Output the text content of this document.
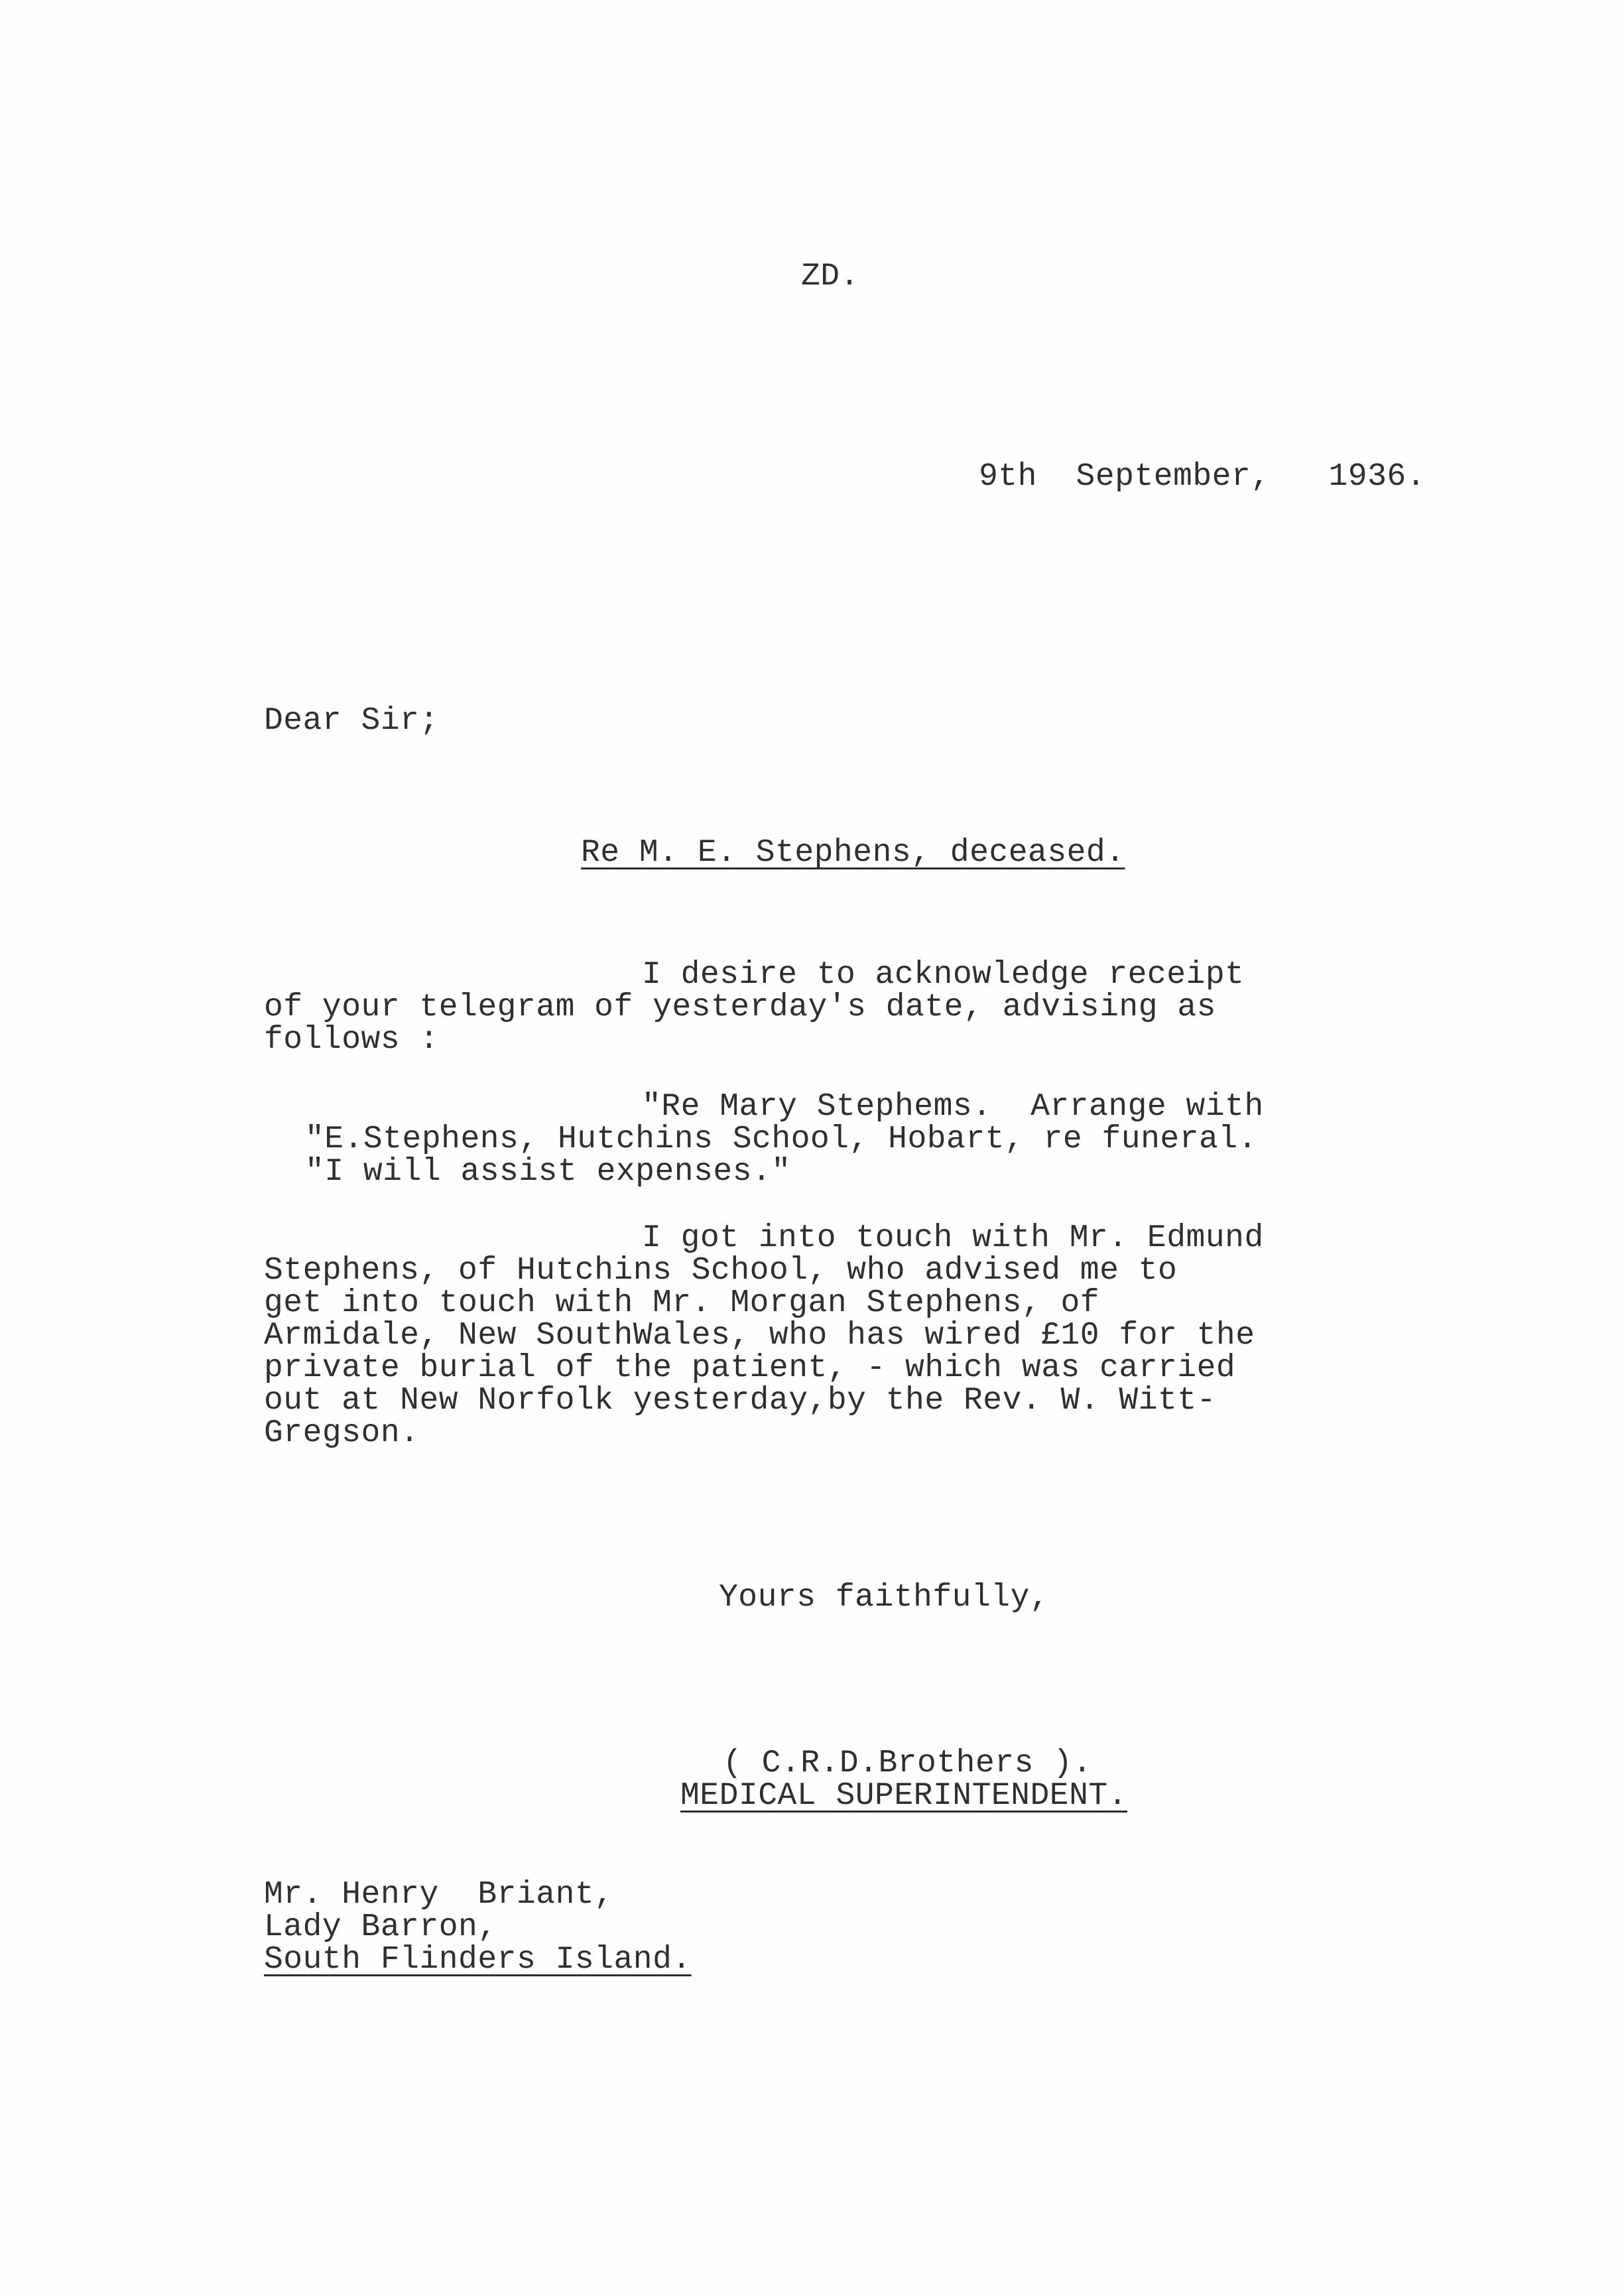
ZD.
9th  September,   1936.
Dear Sir;
Re M. E. Stephens, deceased.
I desire to acknowledge receipt
of your telegram of yesterday's date, advising as
follows :
"Re Mary Stephems.  Arrange with
"E.Stephens, Hutchins School, Hobart, re funeral.
"I will assist expenses."
I got into touch with Mr. Edmund
Stephens, of Hutchins School, who advised me to
get into touch with Mr. Morgan Stephens, of
Armidale, New SouthWales, who has wired £10 for the
private burial of the patient, - which was carried
out at New Norfolk yesterday,by the Rev. W. Witt-
Gregson.
Yours faithfully,
( C.R.D.Brothers ).
MEDICAL SUPERINTENDENT.
Mr. Henry  Briant,
Lady Barron,
South Flinders Island.
